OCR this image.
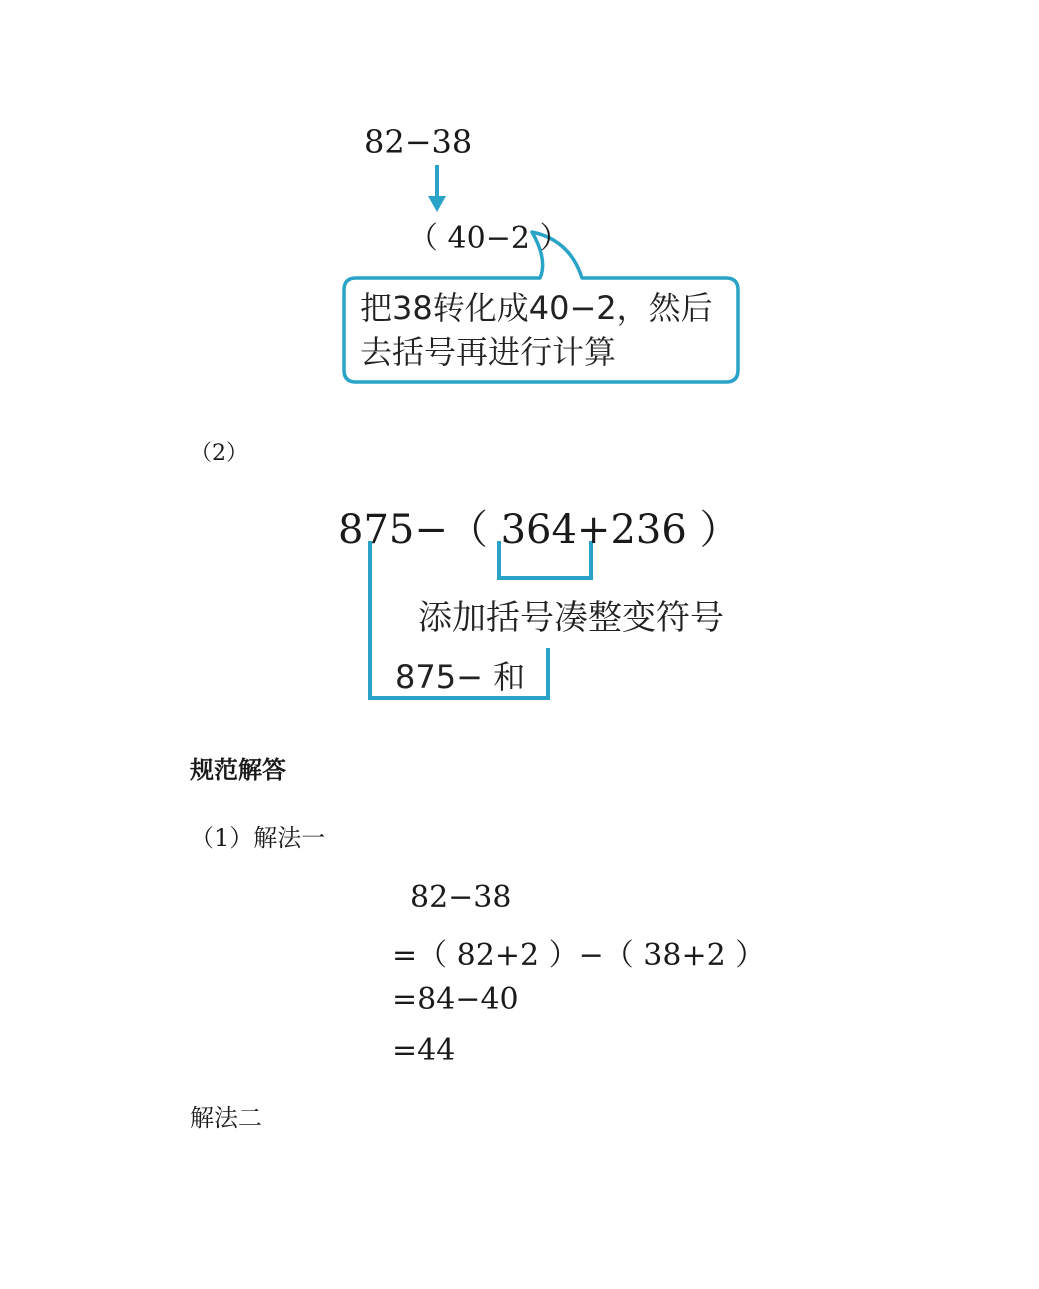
82−38
（ 40−2 ）
把38转化成40−2，然后
去括号再进行计算
（2）
875−（ 364+236 ）
添加括号凑整变符号
875− 和
规范解答
（1）解法一
82−38
=（ 82+2 ）−（ 38+2 ）
=84−40
=44
解法二
